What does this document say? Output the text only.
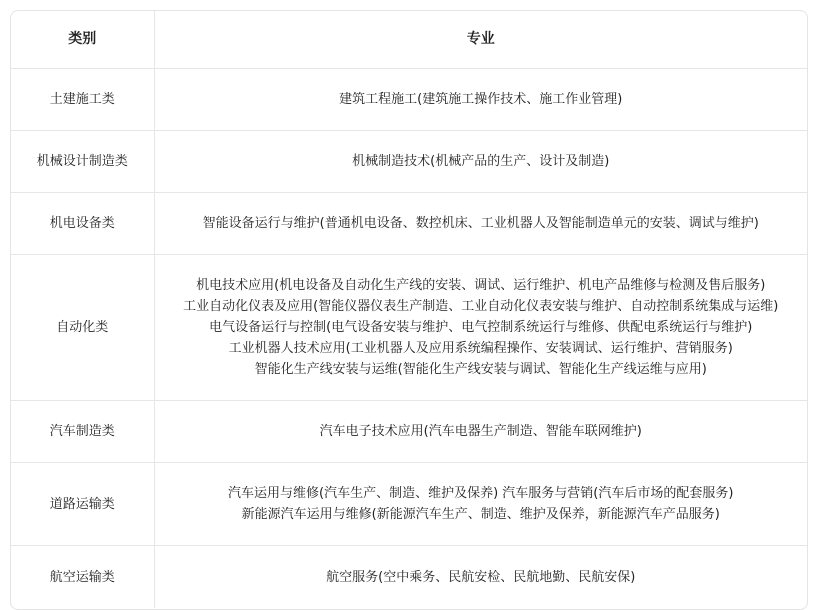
类别	专业
土建施工类	建筑工程施工(建筑施工操作技术、施工作业管理)

机械设计制造类	机械制造技术(机械产品的生产、设计及制造)

机电设备类	智能设备运行与维护(普通机电设备、数控机床、工业机器人及智能制造单元的安装、调试与维护)

自动化类	机电技术应用(机电设备及自动化生产线的安装、调试、运行维护、机电产品维修与检测及售后服务)
工业自动化仪表及应用(智能仪器仪表生产制造、工业自动化仪表安装与维护、自动控制系统集成与运维)
电气设备运行与控制(电气设备安装与维护、电气控制系统运行与维修、供配电系统运行与维护)
工业机器人技术应用(工业机器人及应用系统编程操作、安装调试、运行维护、营销服务)
智能化生产线安装与运维(智能化生产线安装与调试、智能化生产线运维与应用)

汽车制造类	汽车电子技术应用(汽车电器生产制造、智能车联网维护)

道路运输类	汽车运用与维修(汽车生产、制造、维护及保养) 汽车服务与营销(汽车后市场的配套服务)
新能源汽车运用与维修(新能源汽车生产、制造、维护及保养，新能源汽车产品服务)

航空运输类	航空服务(空中乘务、民航安检、民航地勤、民航安保)
